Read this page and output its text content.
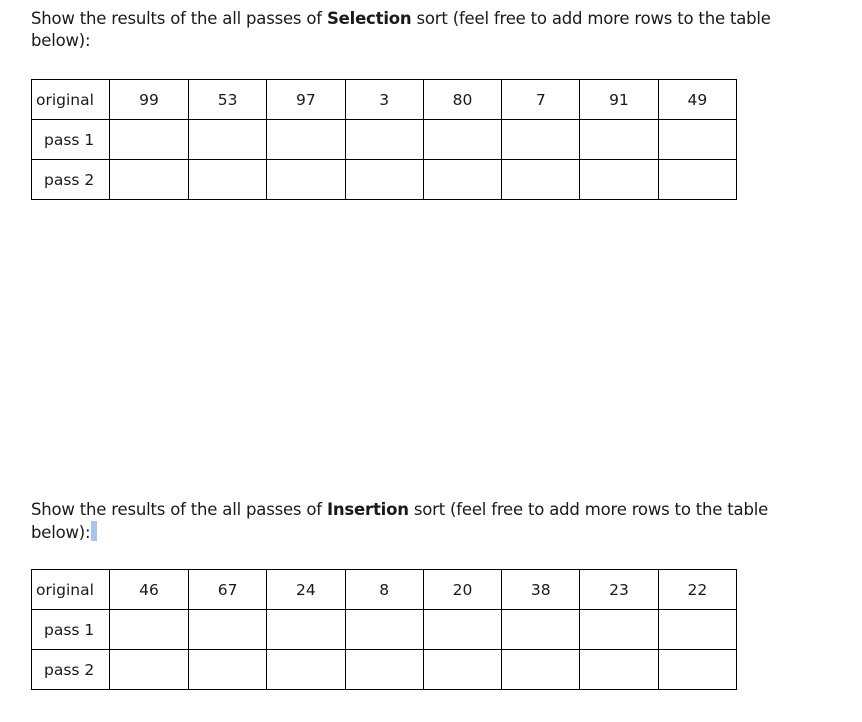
Show the results of the all passes of Selection sort (feel free to add more rows to the table below):

original	99	53	97	3	80	7	91	49
pass 1								
pass 2								

Show the results of the all passes of Insertion sort (feel free to add more rows to the table below):

original	46	67	24	8	20	38	23	22
pass 1								
pass 2								
